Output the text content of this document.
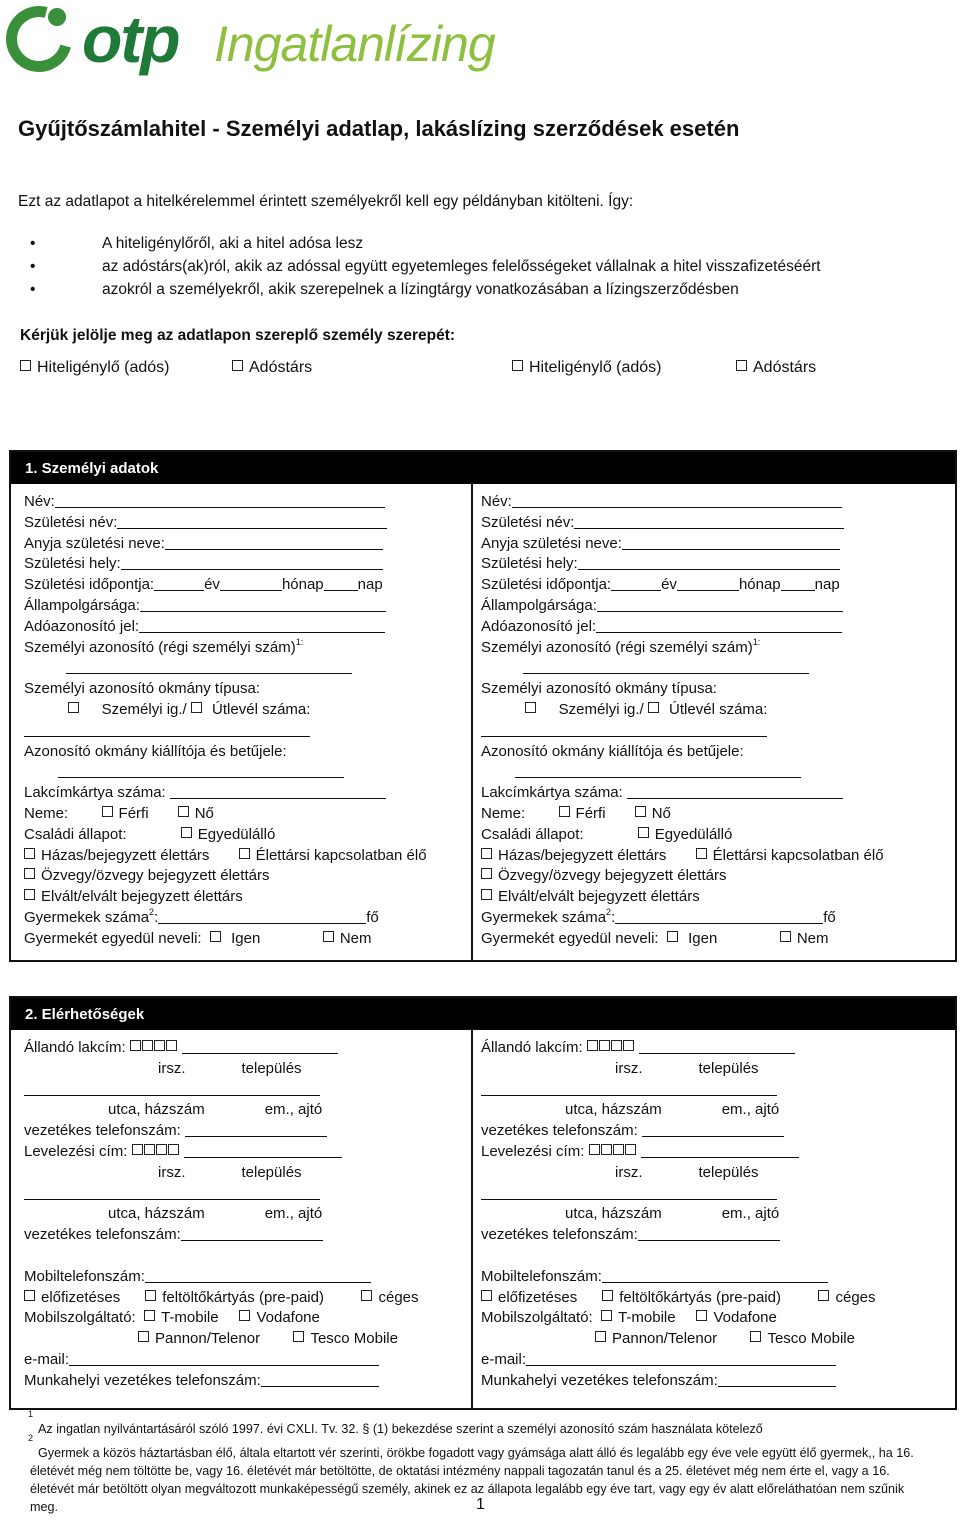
otp Ingatlanlízing
Gyűjtőszámlahitel - Személyi adatlap, lakáslízing szerződések esetén
Ezt az adatlapot a hitelkérelemmel érintett személyekről kell egy példányban kitölteni. Így:
• A hiteligénylőről, aki a hitel adósa lesz
• az adóstárs(ak)ról, akik az adóssal együtt egyetemleges felelősségeket vállalnak a hitel visszafizetéséért
• azokról a személyekről, akik szerepelnek a lízingtárgy vonatkozásában a lízingszerződésben
Kérjük jelölje meg az adatlapon szereplő személy szerepét:
Hiteligénylő (adós)	Adóstárs	Hiteligénylő (adós)	Adóstárs
1. Személyi adatok
Név:
Születési név:
Anyja születési neve:
Születési hely:
Születési időpontja:	év	hónap nap
Állampolgársága:
Adóazonosító jel:
Személyi azonosító (régi személyi szám)$^{1:}$
Személyi azonosító okmány típusa:
Személyi ig./ Útlevél száma:
Azonosító okmány kiállítója és betűjele:
Lakcímkártya száma:
Neme:	Férfi	Nő
Családi állapot:	Egyedülálló
Házas/bejegyzett élettárs	Élettársi kapcsolatban élő
Özvegy/özvegy bejegyzett élettárs
Elvált/elvált bejegyzett élettárs
Gyermekek száma$^2$:	fő
Gyermekét egyedül neveli: Igen	Nem
Név:
Születési név:
Anyja születési neve:
Születési hely:
Születési időpontja:	év	hónap nap
Állampolgársága:
Adóazonosító jel:
Személyi azonosító (régi személyi szám)$^{1:}$
Személyi azonosító okmány típusa:
Személyi ig./ Útlevél száma:
Azonosító okmány kiállítója és betűjele:
Lakcímkártya száma:
Neme:	Férfi	Nő
Családi állapot:	Egyedülálló
Házas/bejegyzett élettárs	Élettársi kapcsolatban élő
Özvegy/özvegy bejegyzett élettárs
Elvált/elvált bejegyzett élettárs
Gyermekek száma$^2$:	fő
Gyermekét egyedül neveli: Igen	Nem
2. Elérhetőségek
Állandó lakcím:
irsz.	település
utca, házszám	em., ajtó
vezetékes telefonszám:
Levelezési cím:
irsz.	település
utca, házszám	em., ajtó
vezetékes telefonszám:
Mobiltelefonszám:
előfizetéses	feltöltőkártyás (pre-paid)	céges
Mobilszolgáltató: T-mobile	Vodafone
Pannon/Telenor	Tesco Mobile
e-mail:
Munkahelyi vezetékes telefonszám:
Állandó lakcím:
irsz.	település
utca, házszám	em., ajtó
vezetékes telefonszám:
Levelezési cím:
irsz.	település
utca, házszám	em., ajtó
vezetékes telefonszám:
Mobiltelefonszám:
előfizetéses	feltöltőkártyás (pre-paid)	céges
Mobilszolgáltató: T-mobile	Vodafone
Pannon/Telenor	Tesco Mobile
e-mail:
Munkahelyi vezetékes telefonszám:
1
Az ingatlan nyilvántartásáról szóló 1997. évi CXLI. Tv. 32. § (1) bekezdése szerint a személyi azonosító szám használata kötelező
2
Gyermek a közös háztartásban élő, általa eltartott vér szerinti, örökbe fogadott vagy gyámsága alatt álló és legalább egy éve vele együtt élő gyermek,, ha 16. életévét még nem töltötte be, vagy 16. életévét már betöltötte, de oktatási intézmény nappali tagozatán tanul és a 25. életévet még nem érte el, vagy a 16. életévét már betöltött olyan megváltozott munkaképességű személy, akinek ez az állapota legalább egy éve tart, vagy egy év alatt előreláthatóan nem szűnik meg.	1
